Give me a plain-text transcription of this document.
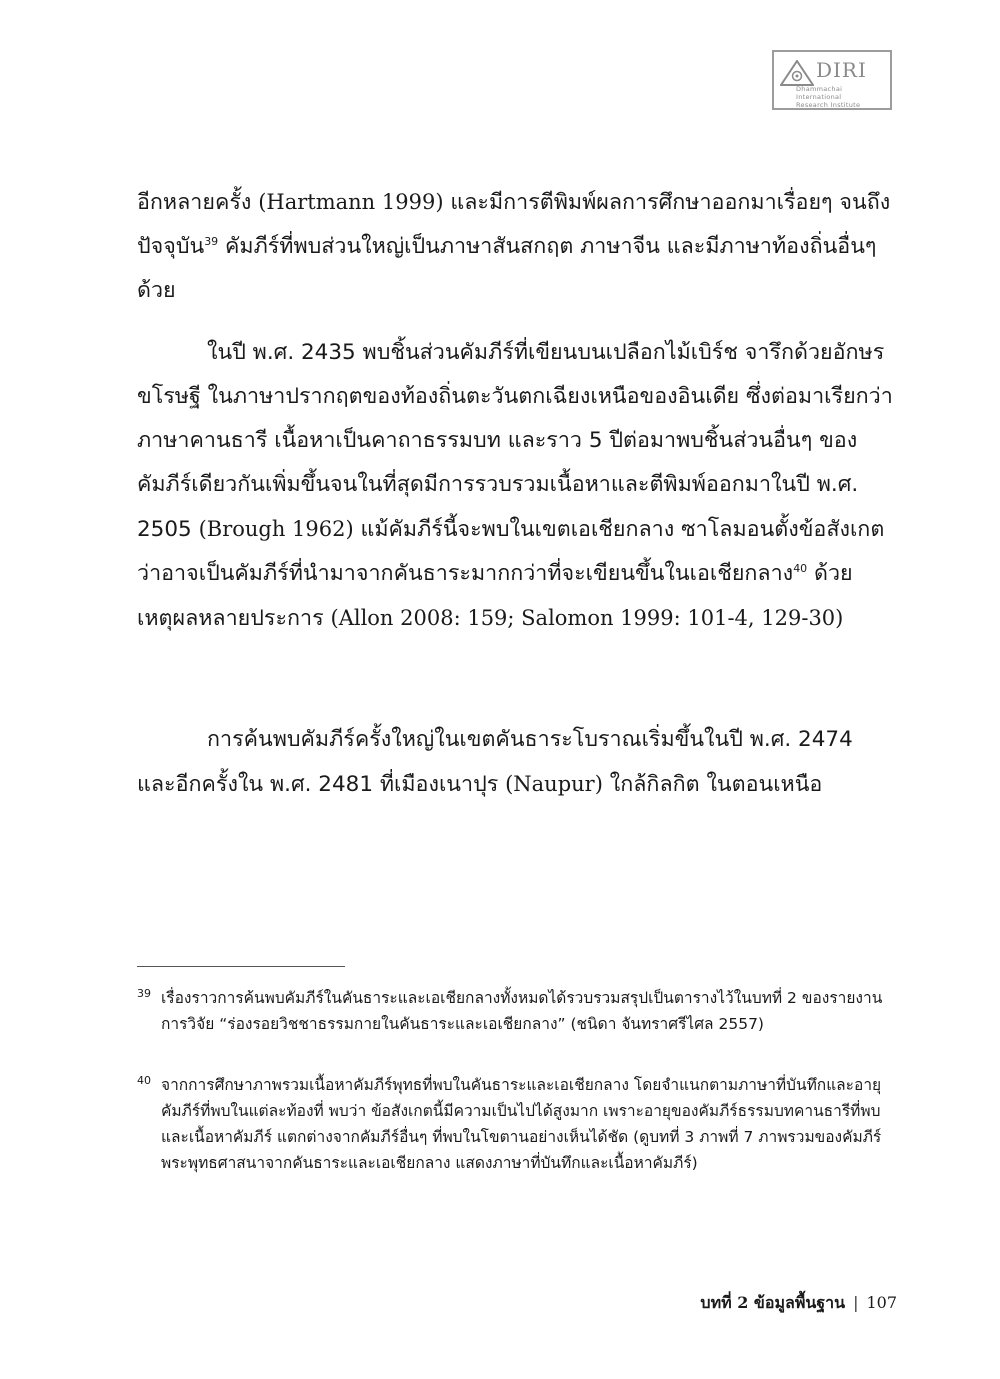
DIRI
Dhammachai International
Research Institute

อีกหลายครั้ง (Hartmann 1999) และมีการตีพิมพ์ผลการศึกษาออกมาเรื่อยๆ จนถึงปัจจุบัน$^{39}$ คัมภีร์ที่พบส่วนใหญ่เป็นภาษาสันสกฤต ภาษาจีน และมีภาษาท้องถิ่นอื่นๆ ด้วย

ในปี พ.ศ. 2435 พบชิ้นส่วนคัมภีร์ที่เขียนบนเปลือกไม้เบิร์ช จารึกด้วยอักษรขโรษฐี ในภาษาปรากฤตของท้องถิ่นตะวันตกเฉียงเหนือของอินเดีย ซึ่งต่อมาเรียกว่าภาษาคานธารี เนื้อหาเป็นคาถาธรรมบท และราว 5 ปีต่อมาพบชิ้นส่วนอื่นๆ ของคัมภีร์เดียวกันเพิ่มขึ้นจนในที่สุดมีการรวบรวมเนื้อหาและตีพิมพ์ออกมาในปี พ.ศ. 2505 (Brough 1962) แม้คัมภีร์นี้จะพบในเขตเอเชียกลาง ซาโลมอนตั้งข้อสังเกตว่าอาจเป็นคัมภีร์ที่นำมาจากคันธาระมากกว่าที่จะเขียนขึ้นในเอเชียกลาง$^{40}$ ด้วยเหตุผลหลายประการ (Allon 2008: 159; Salomon 1999: 101-4, 129-30)

การค้นพบคัมภีร์ครั้งใหญ่ในเขตคันธาระโบราณเริ่มขึ้นในปี พ.ศ. 2474 และอีกครั้งใน พ.ศ. 2481 ที่เมืองเนาปุร (Naupur) ใกล้กิลกิต ในตอนเหนือ

39 เรื่องราวการค้นพบคัมภีร์ในคันธาระและเอเชียกลางทั้งหมดได้รวบรวมสรุปเป็นตารางไว้ในบทที่ 2 ของรายงานการวิจัย “ร่องรอยวิชชาธรรมกายในคันธาระและเอเชียกลาง” (ชนิดา จันทราศรีไศล 2557)
40 จากการศึกษาภาพรวมเนื้อหาคัมภีร์พุทธที่พบในคันธาระและเอเชียกลาง โดยจำแนกตามภาษาที่บันทึกและอายุคัมภีร์ที่พบในแต่ละท้องที่ พบว่า ข้อสังเกตนี้มีความเป็นไปได้สูงมาก เพราะอายุของคัมภีร์ธรรมบทคานธารีที่พบ และเนื้อหาคัมภีร์ แตกต่างจากคัมภีร์อื่นๆ ที่พบในโขตานอย่างเห็นได้ชัด (ดูบทที่ 3 ภาพที่ 7 ภาพรวมของคัมภีร์พระพุทธศาสนาจากคันธาระและเอเชียกลาง แสดงภาษาที่บันทึกและเนื้อหาคัมภีร์)
บทที่ 2 ข้อมูลพื้นฐาน | 107
